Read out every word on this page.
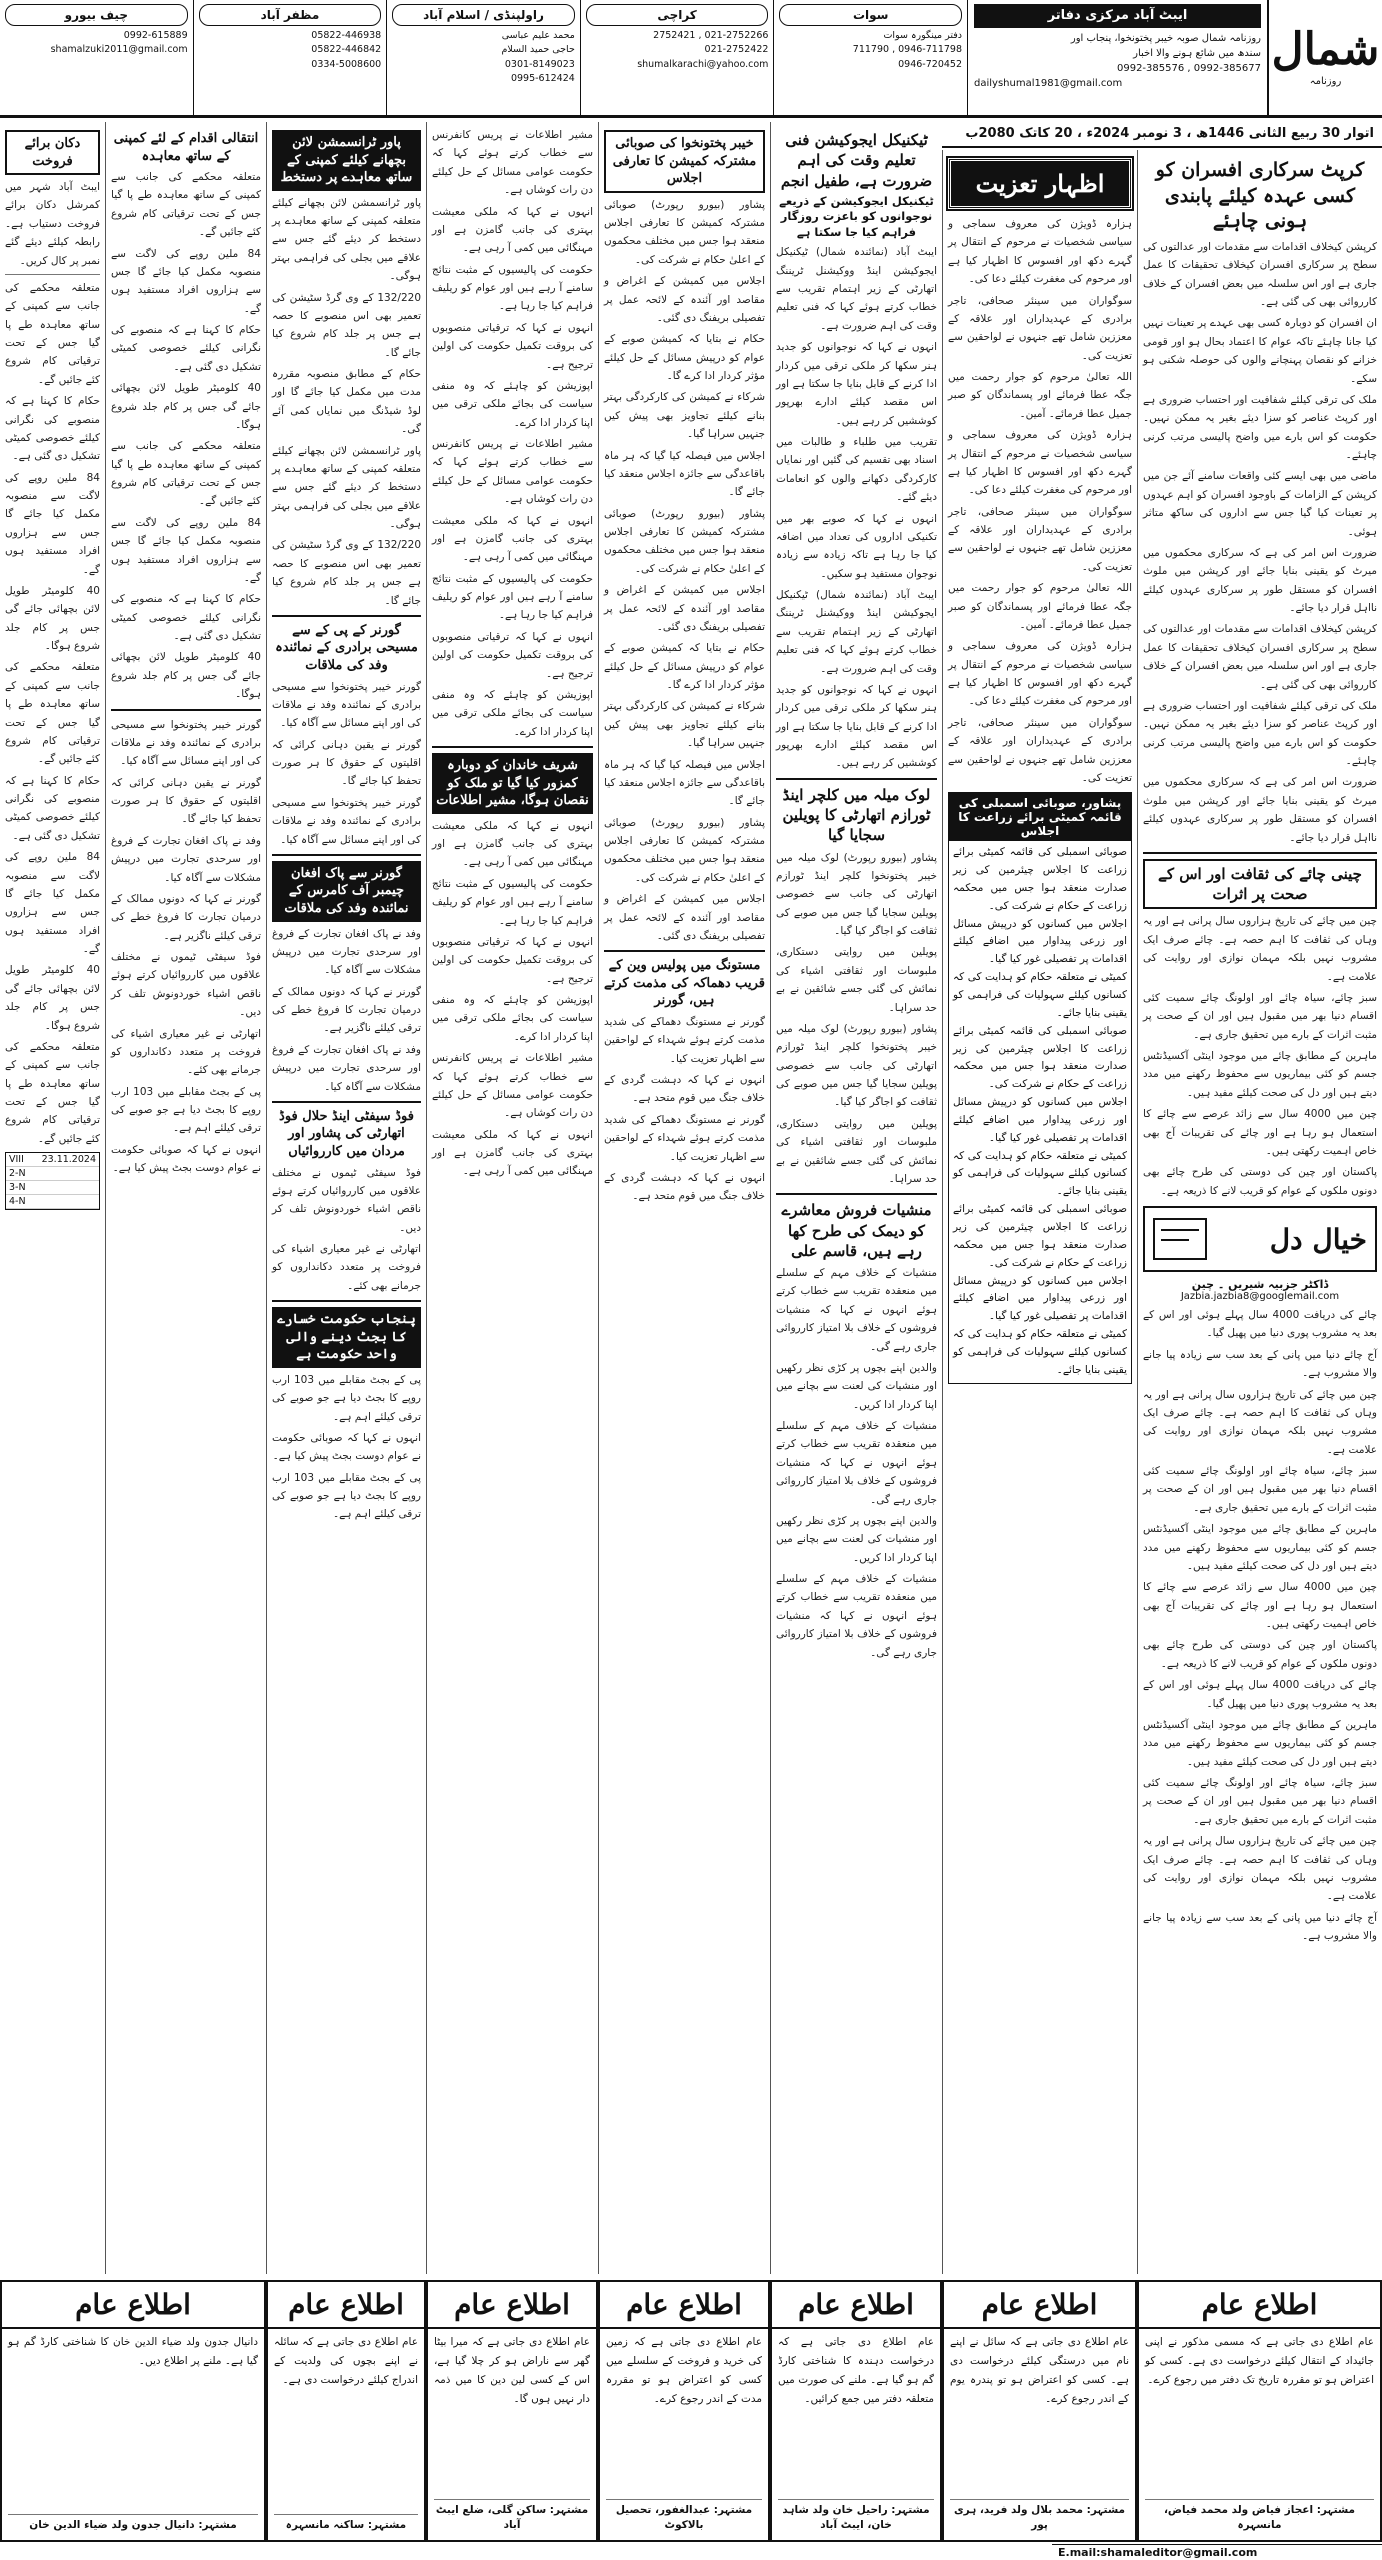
شمال
روزنامہ
ایبٹ آباد مرکزی دفاتر
روزنامہ شمال صوبہ خیبر پختونخوا، پنجاب اور
سندھ میں شائع ہونے والا اخبار
0992-385677 , 0992-385576
dailyshumal1981@gmail.com
سوات
دفتر مینگورہ سوات
0946-711798 , 711790
0946-720452
کراچی
021-2752266 , 2752421
021-2752422
shumalkarachi@yahoo.com
راولپنڈی / اسلام آباد
محمد علیم عباسی
حاجی حمید السلام
0301-8149023
0995-612424
مظفر آباد
05822-446938
05822-446842
0334-5008600
چیف بیورو
0992-615889
shamalzuki2011@gmail.com
اتوار 30 ربیع الثانی 1446ھ ، 3 نومبر 2024ء ، 20 کاتک 2080ب
کرپٹ سرکاری افسران کو کسی عہدہ کیلئے پابندی ہونی چاہئے

کرپشن کیخلاف اقدامات سے مقدمات اور عدالتوں کی سطح پر سرکاری افسران کیخلاف تحقیقات کا عمل جاری ہے اور اس سلسلہ میں بعض افسران کے خلاف کارروائی بھی کی گئی ہے۔

ان افسران کو دوبارہ کسی بھی عہدے پر تعینات نہیں کیا جانا چاہئے تاکہ عوام کا اعتماد بحال ہو اور قومی خزانے کو نقصان پہنچانے والوں کی حوصلہ شکنی ہو سکے۔

ملک کی ترقی کیلئے شفافیت اور احتساب ضروری ہے اور کرپٹ عناصر کو سزا دیئے بغیر یہ ممکن نہیں۔ حکومت کو اس بارے میں واضح پالیسی مرتب کرنی چاہئے۔

ماضی میں بھی ایسے کئی واقعات سامنے آئے جن میں کرپشن کے الزامات کے باوجود افسران کو اہم عہدوں پر تعینات کیا گیا جس سے اداروں کی ساکھ متاثر ہوئی۔

ضرورت اس امر کی ہے کہ سرکاری محکموں میں میرٹ کو یقینی بنایا جائے اور کرپشن میں ملوث افسران کو مستقل طور پر سرکاری عہدوں کیلئے نااہل قرار دیا جائے۔

کرپشن کیخلاف اقدامات سے مقدمات اور عدالتوں کی سطح پر سرکاری افسران کیخلاف تحقیقات کا عمل جاری ہے اور اس سلسلہ میں بعض افسران کے خلاف کارروائی بھی کی گئی ہے۔

ملک کی ترقی کیلئے شفافیت اور احتساب ضروری ہے اور کرپٹ عناصر کو سزا دیئے بغیر یہ ممکن نہیں۔ حکومت کو اس بارے میں واضح پالیسی مرتب کرنی چاہئے۔

ضرورت اس امر کی ہے کہ سرکاری محکموں میں میرٹ کو یقینی بنایا جائے اور کرپشن میں ملوث افسران کو مستقل طور پر سرکاری عہدوں کیلئے نااہل قرار دیا جائے۔

چینی چائے کی ثقافت اور اس کے صحت پر اثرات

چین میں چائے کی تاریخ ہزاروں سال پرانی ہے اور یہ وہاں کی ثقافت کا اہم حصہ ہے۔ چائے صرف ایک مشروب نہیں بلکہ مہمان نوازی اور روایت کی علامت ہے۔

سبز چائے، سیاہ چائے اور اولونگ چائے سمیت کئی اقسام دنیا بھر میں مقبول ہیں اور ان کے صحت پر مثبت اثرات کے بارے میں تحقیق جاری ہے۔

ماہرین کے مطابق چائے میں موجود اینٹی آکسیڈنٹس جسم کو کئی بیماریوں سے محفوظ رکھنے میں مدد دیتے ہیں اور دل کی صحت کیلئے مفید ہیں۔

چین میں 4000 سال سے زائد عرصے سے چائے کا استعمال ہو رہا ہے اور چائے کی تقریبات آج بھی خاص اہمیت رکھتی ہیں۔

پاکستان اور چین کی دوستی کی طرح چائے بھی دونوں ملکوں کے عوام کو قریب لانے کا ذریعہ ہے۔

خیال دل
ڈاکٹر جزبیہ شیریں ۔ چین
Jazbia.jazbia8@googlemail.com

چائے کی دریافت 4000 سال پہلے ہوئی اور اس کے بعد یہ مشروب پوری دنیا میں پھیل گیا۔

آج چائے دنیا میں پانی کے بعد سب سے زیادہ پیا جانے والا مشروب ہے۔

چین میں چائے کی تاریخ ہزاروں سال پرانی ہے اور یہ وہاں کی ثقافت کا اہم حصہ ہے۔ چائے صرف ایک مشروب نہیں بلکہ مہمان نوازی اور روایت کی علامت ہے۔

سبز چائے، سیاہ چائے اور اولونگ چائے سمیت کئی اقسام دنیا بھر میں مقبول ہیں اور ان کے صحت پر مثبت اثرات کے بارے میں تحقیق جاری ہے۔

ماہرین کے مطابق چائے میں موجود اینٹی آکسیڈنٹس جسم کو کئی بیماریوں سے محفوظ رکھنے میں مدد دیتے ہیں اور دل کی صحت کیلئے مفید ہیں۔

چین میں 4000 سال سے زائد عرصے سے چائے کا استعمال ہو رہا ہے اور چائے کی تقریبات آج بھی خاص اہمیت رکھتی ہیں۔

پاکستان اور چین کی دوستی کی طرح چائے بھی دونوں ملکوں کے عوام کو قریب لانے کا ذریعہ ہے۔

چائے کی دریافت 4000 سال پہلے ہوئی اور اس کے بعد یہ مشروب پوری دنیا میں پھیل گیا۔

ماہرین کے مطابق چائے میں موجود اینٹی آکسیڈنٹس جسم کو کئی بیماریوں سے محفوظ رکھنے میں مدد دیتے ہیں اور دل کی صحت کیلئے مفید ہیں۔

سبز چائے، سیاہ چائے اور اولونگ چائے سمیت کئی اقسام دنیا بھر میں مقبول ہیں اور ان کے صحت پر مثبت اثرات کے بارے میں تحقیق جاری ہے۔

چین میں چائے کی تاریخ ہزاروں سال پرانی ہے اور یہ وہاں کی ثقافت کا اہم حصہ ہے۔ چائے صرف ایک مشروب نہیں بلکہ مہمان نوازی اور روایت کی علامت ہے۔

آج چائے دنیا میں پانی کے بعد سب سے زیادہ پیا جانے والا مشروب ہے۔

اظہار تعزیت

ہزارہ ڈویژن کی معروف سماجی و سیاسی شخصیات نے مرحوم کے انتقال پر گہرے دکھ اور افسوس کا اظہار کیا ہے اور مرحوم کی مغفرت کیلئے دعا کی۔

سوگواران میں سینئر صحافی، تاجر برادری کے عہدیداران اور علاقہ کے معززین شامل تھے جنہوں نے لواحقین سے تعزیت کی۔

اللہ تعالیٰ مرحوم کو جوار رحمت میں جگہ عطا فرمائے اور پسماندگان کو صبر جمیل عطا فرمائے۔ آمین۔

ہزارہ ڈویژن کی معروف سماجی و سیاسی شخصیات نے مرحوم کے انتقال پر گہرے دکھ اور افسوس کا اظہار کیا ہے اور مرحوم کی مغفرت کیلئے دعا کی۔

سوگواران میں سینئر صحافی، تاجر برادری کے عہدیداران اور علاقہ کے معززین شامل تھے جنہوں نے لواحقین سے تعزیت کی۔

اللہ تعالیٰ مرحوم کو جوار رحمت میں جگہ عطا فرمائے اور پسماندگان کو صبر جمیل عطا فرمائے۔ آمین۔

ہزارہ ڈویژن کی معروف سماجی و سیاسی شخصیات نے مرحوم کے انتقال پر گہرے دکھ اور افسوس کا اظہار کیا ہے اور مرحوم کی مغفرت کیلئے دعا کی۔

سوگواران میں سینئر صحافی، تاجر برادری کے عہدیداران اور علاقہ کے معززین شامل تھے جنہوں نے لواحقین سے تعزیت کی۔

پشاور، صوبائی اسمبلی کی قائمہ کمیٹی برائے زراعت کا اجلاس

صوبائی اسمبلی کی قائمہ کمیٹی برائے زراعت کا اجلاس چیئرمین کی زیر صدارت منعقد ہوا جس میں محکمہ زراعت کے حکام نے شرکت کی۔

اجلاس میں کسانوں کو درپیش مسائل اور زرعی پیداوار میں اضافے کیلئے اقدامات پر تفصیلی غور کیا گیا۔

کمیٹی نے متعلقہ حکام کو ہدایت کی کہ کسانوں کیلئے سہولیات کی فراہمی کو یقینی بنایا جائے۔

صوبائی اسمبلی کی قائمہ کمیٹی برائے زراعت کا اجلاس چیئرمین کی زیر صدارت منعقد ہوا جس میں محکمہ زراعت کے حکام نے شرکت کی۔

اجلاس میں کسانوں کو درپیش مسائل اور زرعی پیداوار میں اضافے کیلئے اقدامات پر تفصیلی غور کیا گیا۔

کمیٹی نے متعلقہ حکام کو ہدایت کی کہ کسانوں کیلئے سہولیات کی فراہمی کو یقینی بنایا جائے۔

صوبائی اسمبلی کی قائمہ کمیٹی برائے زراعت کا اجلاس چیئرمین کی زیر صدارت منعقد ہوا جس میں محکمہ زراعت کے حکام نے شرکت کی۔

اجلاس میں کسانوں کو درپیش مسائل اور زرعی پیداوار میں اضافے کیلئے اقدامات پر تفصیلی غور کیا گیا۔

کمیٹی نے متعلقہ حکام کو ہدایت کی کہ کسانوں کیلئے سہولیات کی فراہمی کو یقینی بنایا جائے۔

ٹیکنیکل ایجوکیشن فنی تعلیم وقت کی اہم ضرورت ہے، طفیل انجم
ٹیکنیکل ایجوکیشن کے ذریعے نوجوانوں کو باعزت روزگار فراہم کیا جا سکتا ہے

ایبٹ آباد (نمائندہ شمال) ٹیکنیکل ایجوکیشن اینڈ ووکیشنل ٹریننگ اتھارٹی کے زیر اہتمام تقریب سے خطاب کرتے ہوئے کہا کہ فنی تعلیم وقت کی اہم ضرورت ہے۔

انہوں نے کہا کہ نوجوانوں کو جدید ہنر سکھا کر ملکی ترقی میں کردار ادا کرنے کے قابل بنایا جا سکتا ہے اور اس مقصد کیلئے ادارے بھرپور کوششیں کر رہے ہیں۔

تقریب میں طلباء و طالبات میں اسناد بھی تقسیم کی گئیں اور نمایاں کارکردگی دکھانے والوں کو انعامات دیئے گئے۔

انہوں نے کہا کہ صوبے بھر میں تکنیکی اداروں کی تعداد میں اضافہ کیا جا رہا ہے تاکہ زیادہ سے زیادہ نوجوان مستفید ہو سکیں۔

ایبٹ آباد (نمائندہ شمال) ٹیکنیکل ایجوکیشن اینڈ ووکیشنل ٹریننگ اتھارٹی کے زیر اہتمام تقریب سے خطاب کرتے ہوئے کہا کہ فنی تعلیم وقت کی اہم ضرورت ہے۔

انہوں نے کہا کہ نوجوانوں کو جدید ہنر سکھا کر ملکی ترقی میں کردار ادا کرنے کے قابل بنایا جا سکتا ہے اور اس مقصد کیلئے ادارے بھرپور کوششیں کر رہے ہیں۔

لوک میلہ میں کلچر اینڈ ٹورازم اتھارٹی کا پویلین سجایا گیا

پشاور (بیورو رپورٹ) لوک میلہ میں خیبر پختونخوا کلچر اینڈ ٹورازم اتھارٹی کی جانب سے خصوصی پویلین سجایا گیا جس میں صوبے کی ثقافت کو اجاگر کیا گیا۔

پویلین میں روایتی دستکاری، ملبوسات اور ثقافتی اشیاء کی نمائش کی گئی جسے شائقین نے بے حد سراہا۔

پشاور (بیورو رپورٹ) لوک میلہ میں خیبر پختونخوا کلچر اینڈ ٹورازم اتھارٹی کی جانب سے خصوصی پویلین سجایا گیا جس میں صوبے کی ثقافت کو اجاگر کیا گیا۔

پویلین میں روایتی دستکاری، ملبوسات اور ثقافتی اشیاء کی نمائش کی گئی جسے شائقین نے بے حد سراہا۔

منشیات فروش معاشرے کو دیمک کی طرح کھا رہے ہیں، قاسم علی

منشیات کے خلاف مہم کے سلسلے میں منعقدہ تقریب سے خطاب کرتے ہوئے انہوں نے کہا کہ منشیات فروشوں کے خلاف بلا امتیاز کارروائی جاری رہے گی۔

والدین اپنے بچوں پر کڑی نظر رکھیں اور منشیات کی لعنت سے بچانے میں اپنا کردار ادا کریں۔

منشیات کے خلاف مہم کے سلسلے میں منعقدہ تقریب سے خطاب کرتے ہوئے انہوں نے کہا کہ منشیات فروشوں کے خلاف بلا امتیاز کارروائی جاری رہے گی۔

والدین اپنے بچوں پر کڑی نظر رکھیں اور منشیات کی لعنت سے بچانے میں اپنا کردار ادا کریں۔

منشیات کے خلاف مہم کے سلسلے میں منعقدہ تقریب سے خطاب کرتے ہوئے انہوں نے کہا کہ منشیات فروشوں کے خلاف بلا امتیاز کارروائی جاری رہے گی۔

خیبر پختونخوا کی صوبائی مشترکہ کمیشن کا تعارفی اجلاس

پشاور (بیورو رپورٹ) صوبائی مشترکہ کمیشن کا تعارفی اجلاس منعقد ہوا جس میں مختلف محکموں کے اعلیٰ حکام نے شرکت کی۔

اجلاس میں کمیشن کے اغراض و مقاصد اور آئندہ کے لائحہ عمل پر تفصیلی بریفنگ دی گئی۔

حکام نے بتایا کہ کمیشن صوبے کے عوام کو درپیش مسائل کے حل کیلئے مؤثر کردار ادا کرے گا۔

شرکاء نے کمیشن کی کارکردگی بہتر بنانے کیلئے تجاویز بھی پیش کیں جنہیں سراہا گیا۔

اجلاس میں فیصلہ کیا گیا کہ ہر ماہ باقاعدگی سے جائزہ اجلاس منعقد کیا جائے گا۔

پشاور (بیورو رپورٹ) صوبائی مشترکہ کمیشن کا تعارفی اجلاس منعقد ہوا جس میں مختلف محکموں کے اعلیٰ حکام نے شرکت کی۔

اجلاس میں کمیشن کے اغراض و مقاصد اور آئندہ کے لائحہ عمل پر تفصیلی بریفنگ دی گئی۔

حکام نے بتایا کہ کمیشن صوبے کے عوام کو درپیش مسائل کے حل کیلئے مؤثر کردار ادا کرے گا۔

شرکاء نے کمیشن کی کارکردگی بہتر بنانے کیلئے تجاویز بھی پیش کیں جنہیں سراہا گیا۔

اجلاس میں فیصلہ کیا گیا کہ ہر ماہ باقاعدگی سے جائزہ اجلاس منعقد کیا جائے گا۔

پشاور (بیورو رپورٹ) صوبائی مشترکہ کمیشن کا تعارفی اجلاس منعقد ہوا جس میں مختلف محکموں کے اعلیٰ حکام نے شرکت کی۔

اجلاس میں کمیشن کے اغراض و مقاصد اور آئندہ کے لائحہ عمل پر تفصیلی بریفنگ دی گئی۔

مستونگ میں پولیس وین کے قریب دھماکہ کی مذمت کرتے ہیں، گورنر

گورنر نے مستونگ دھماکے کی شدید مذمت کرتے ہوئے شہداء کے لواحقین سے اظہار تعزیت کیا۔

انہوں نے کہا کہ دہشت گردی کے خلاف جنگ میں قوم متحد ہے۔

گورنر نے مستونگ دھماکے کی شدید مذمت کرتے ہوئے شہداء کے لواحقین سے اظہار تعزیت کیا۔

انہوں نے کہا کہ دہشت گردی کے خلاف جنگ میں قوم متحد ہے۔

مشیر اطلاعات نے پریس کانفرنس سے خطاب کرتے ہوئے کہا کہ حکومت عوامی مسائل کے حل کیلئے دن رات کوشاں ہے۔

انہوں نے کہا کہ ملکی معیشت بہتری کی جانب گامزن ہے اور مہنگائی میں کمی آ رہی ہے۔

حکومت کی پالیسیوں کے مثبت نتائج سامنے آ رہے ہیں اور عوام کو ریلیف فراہم کیا جا رہا ہے۔

انہوں نے کہا کہ ترقیاتی منصوبوں کی بروقت تکمیل حکومت کی اولین ترجیح ہے۔

اپوزیشن کو چاہئے کہ وہ منفی سیاست کی بجائے ملکی ترقی میں اپنا کردار ادا کرے۔

مشیر اطلاعات نے پریس کانفرنس سے خطاب کرتے ہوئے کہا کہ حکومت عوامی مسائل کے حل کیلئے دن رات کوشاں ہے۔

انہوں نے کہا کہ ملکی معیشت بہتری کی جانب گامزن ہے اور مہنگائی میں کمی آ رہی ہے۔

حکومت کی پالیسیوں کے مثبت نتائج سامنے آ رہے ہیں اور عوام کو ریلیف فراہم کیا جا رہا ہے۔

انہوں نے کہا کہ ترقیاتی منصوبوں کی بروقت تکمیل حکومت کی اولین ترجیح ہے۔

اپوزیشن کو چاہئے کہ وہ منفی سیاست کی بجائے ملکی ترقی میں اپنا کردار ادا کرے۔

شریف خاندان کو دوبارہ کمزور کیا گیا تو ملک کو نقصان ہوگا، مشیر اطلاعات

انہوں نے کہا کہ ملکی معیشت بہتری کی جانب گامزن ہے اور مہنگائی میں کمی آ رہی ہے۔

حکومت کی پالیسیوں کے مثبت نتائج سامنے آ رہے ہیں اور عوام کو ریلیف فراہم کیا جا رہا ہے۔

انہوں نے کہا کہ ترقیاتی منصوبوں کی بروقت تکمیل حکومت کی اولین ترجیح ہے۔

اپوزیشن کو چاہئے کہ وہ منفی سیاست کی بجائے ملکی ترقی میں اپنا کردار ادا کرے۔

مشیر اطلاعات نے پریس کانفرنس سے خطاب کرتے ہوئے کہا کہ حکومت عوامی مسائل کے حل کیلئے دن رات کوشاں ہے۔

انہوں نے کہا کہ ملکی معیشت بہتری کی جانب گامزن ہے اور مہنگائی میں کمی آ رہی ہے۔

پاور ٹرانسمشن لائن بچھانے کیلئے کمپنی کے ساتھ معاہدے پر دستخط

پاور ٹرانسمشن لائن بچھانے کیلئے متعلقہ کمپنی کے ساتھ معاہدے پر دستخط کر دیئے گئے جس سے علاقے میں بجلی کی فراہمی بہتر ہوگی۔

132/220 کے وی گرڈ سٹیشن کی تعمیر بھی اس منصوبے کا حصہ ہے جس پر جلد کام شروع کیا جائے گا۔

حکام کے مطابق منصوبہ مقررہ مدت میں مکمل کیا جائے گا اور لوڈ شیڈنگ میں نمایاں کمی آئے گی۔

پاور ٹرانسمشن لائن بچھانے کیلئے متعلقہ کمپنی کے ساتھ معاہدے پر دستخط کر دیئے گئے جس سے علاقے میں بجلی کی فراہمی بہتر ہوگی۔

132/220 کے وی گرڈ سٹیشن کی تعمیر بھی اس منصوبے کا حصہ ہے جس پر جلد کام شروع کیا جائے گا۔

گورنر کے پی کے سے مسیحی برادری کے نمائندہ وفد کی ملاقات

گورنر خیبر پختونخوا سے مسیحی برادری کے نمائندہ وفد نے ملاقات کی اور اپنے مسائل سے آگاہ کیا۔

گورنر نے یقین دہانی کرائی کہ اقلیتوں کے حقوق کا ہر صورت تحفظ کیا جائے گا۔

گورنر خیبر پختونخوا سے مسیحی برادری کے نمائندہ وفد نے ملاقات کی اور اپنے مسائل سے آگاہ کیا۔

گورنر سے پاک افغان چیمبر آف کامرس کے نمائندہ وفد کی ملاقات

وفد نے پاک افغان تجارت کے فروغ اور سرحدی تجارت میں درپیش مشکلات سے آگاہ کیا۔

گورنر نے کہا کہ دونوں ممالک کے درمیان تجارت کا فروغ خطے کی ترقی کیلئے ناگزیر ہے۔

وفد نے پاک افغان تجارت کے فروغ اور سرحدی تجارت میں درپیش مشکلات سے آگاہ کیا۔

فوڈ سیفٹی اینڈ حلال فوڈ اتھارٹی کی پشاور اور مردان میں کارروائیاں

فوڈ سیفٹی ٹیموں نے مختلف علاقوں میں کارروائیاں کرتے ہوئے ناقص اشیاء خوردونوش تلف کر دیں۔

اتھارٹی نے غیر معیاری اشیاء کی فروخت پر متعدد دکانداروں کو جرمانے بھی کئے۔

پنجاب حکومت خسارے کا بجٹ دینے والی واحد حکومت ہے

پی کے بجٹ مقابلے میں 103 ارب روپے کا بجٹ دیا ہے جو صوبے کی ترقی کیلئے اہم ہے۔

انہوں نے کہا کہ صوبائی حکومت نے عوام دوست بجٹ پیش کیا ہے۔

پی کے بجٹ مقابلے میں 103 ارب روپے کا بجٹ دیا ہے جو صوبے کی ترقی کیلئے اہم ہے۔

انتقالی اقدام کے لئے کمپنی کے ساتھ معاہدہ

متعلقہ محکمے کی جانب سے کمپنی کے ساتھ معاہدہ طے پا گیا جس کے تحت ترقیاتی کام شروع کئے جائیں گے۔

84 ملین روپے کی لاگت سے منصوبہ مکمل کیا جائے گا جس سے ہزاروں افراد مستفید ہوں گے۔

حکام کا کہنا ہے کہ منصوبے کی نگرانی کیلئے خصوصی کمیٹی تشکیل دی گئی ہے۔

40 کلومیٹر طویل لائن بچھائی جائے گی جس پر کام جلد شروع ہوگا۔

متعلقہ محکمے کی جانب سے کمپنی کے ساتھ معاہدہ طے پا گیا جس کے تحت ترقیاتی کام شروع کئے جائیں گے۔

84 ملین روپے کی لاگت سے منصوبہ مکمل کیا جائے گا جس سے ہزاروں افراد مستفید ہوں گے۔

حکام کا کہنا ہے کہ منصوبے کی نگرانی کیلئے خصوصی کمیٹی تشکیل دی گئی ہے۔

40 کلومیٹر طویل لائن بچھائی جائے گی جس پر کام جلد شروع ہوگا۔

گورنر خیبر پختونخوا سے مسیحی برادری کے نمائندہ وفد نے ملاقات کی اور اپنے مسائل سے آگاہ کیا۔

گورنر نے یقین دہانی کرائی کہ اقلیتوں کے حقوق کا ہر صورت تحفظ کیا جائے گا۔

وفد نے پاک افغان تجارت کے فروغ اور سرحدی تجارت میں درپیش مشکلات سے آگاہ کیا۔

گورنر نے کہا کہ دونوں ممالک کے درمیان تجارت کا فروغ خطے کی ترقی کیلئے ناگزیر ہے۔

فوڈ سیفٹی ٹیموں نے مختلف علاقوں میں کارروائیاں کرتے ہوئے ناقص اشیاء خوردونوش تلف کر دیں۔

اتھارٹی نے غیر معیاری اشیاء کی فروخت پر متعدد دکانداروں کو جرمانے بھی کئے۔

پی کے بجٹ مقابلے میں 103 ارب روپے کا بجٹ دیا ہے جو صوبے کی ترقی کیلئے اہم ہے۔

انہوں نے کہا کہ صوبائی حکومت نے عوام دوست بجٹ پیش کیا ہے۔

دکان برائے فروخت
ایبٹ آباد شہر میں کمرشل دکان برائے فروخت دستیاب ہے۔ رابطہ کیلئے دیئے گئے نمبر پر کال کریں۔

متعلقہ محکمے کی جانب سے کمپنی کے ساتھ معاہدہ طے پا گیا جس کے تحت ترقیاتی کام شروع کئے جائیں گے۔

حکام کا کہنا ہے کہ منصوبے کی نگرانی کیلئے خصوصی کمیٹی تشکیل دی گئی ہے۔

84 ملین روپے کی لاگت سے منصوبہ مکمل کیا جائے گا جس سے ہزاروں افراد مستفید ہوں گے۔

40 کلومیٹر طویل لائن بچھائی جائے گی جس پر کام جلد شروع ہوگا۔

متعلقہ محکمے کی جانب سے کمپنی کے ساتھ معاہدہ طے پا گیا جس کے تحت ترقیاتی کام شروع کئے جائیں گے۔

حکام کا کہنا ہے کہ منصوبے کی نگرانی کیلئے خصوصی کمیٹی تشکیل دی گئی ہے۔

84 ملین روپے کی لاگت سے منصوبہ مکمل کیا جائے گا جس سے ہزاروں افراد مستفید ہوں گے۔

40 کلومیٹر طویل لائن بچھائی جائے گی جس پر کام جلد شروع ہوگا۔

متعلقہ محکمے کی جانب سے کمپنی کے ساتھ معاہدہ طے پا گیا جس کے تحت ترقیاتی کام شروع کئے جائیں گے۔

VIII 23.11.2024
2-N
3-N
4-N
اطلاع عام
عام اطلاع دی جاتی ہے کہ مسمی مذکور نے اپنی جائیداد کے انتقال کیلئے درخواست دی ہے۔ کسی کو اعتراض ہو تو مقررہ تاریخ تک دفتر میں رجوع کرے۔
مشتہر: اعجاز فیاض ولد محمد فیاض، مانسہرہ
اطلاع عام
عام اطلاع دی جاتی ہے کہ سائل نے اپنے نام میں درستگی کیلئے درخواست دی ہے۔ کسی کو اعتراض ہو تو پندرہ یوم کے اندر رجوع کرے۔
مشتہر: محمد بلال ولد فرید، ہری پور
اطلاع عام
عام اطلاع دی جاتی ہے کہ درخواست دہندہ کا شناختی کارڈ گم ہو گیا ہے۔ ملنے کی صورت میں متعلقہ دفتر میں جمع کرائیں۔
مشتہر: راحیل خان ولد شاہد خان، ایبٹ آباد
اطلاع عام
عام اطلاع دی جاتی ہے کہ زمین کی خرید و فروخت کے سلسلے میں کسی کو اعتراض ہو تو مقررہ مدت کے اندر رجوع کرے۔
مشتہر: عبدالغفور، تحصیل بالاکوٹ
اطلاع عام
عام اطلاع دی جاتی ہے کہ میرا بیٹا گھر سے ناراض ہو کر چلا گیا ہے، اس کے کسی لین دین کا میں ذمہ دار نہیں ہوں گا۔
مشتہر: ساکن گلی، ضلع ایبٹ آباد
اطلاع عام
عام اطلاع دی جاتی ہے کہ سائلہ نے اپنے بچوں کی ولدیت کے اندراج کیلئے درخواست دی ہے۔
مشتہر: ساکنہ مانسہرہ
اطلاع عام
دانیال جدون ولد ضیاء الدین خان کا شناختی کارڈ گم ہو گیا ہے۔ ملنے پر اطلاع دیں۔
مشتہر: دانیال جدون ولد ضیاء الدین خان
E.mail:shamaleditor@gmail.com
